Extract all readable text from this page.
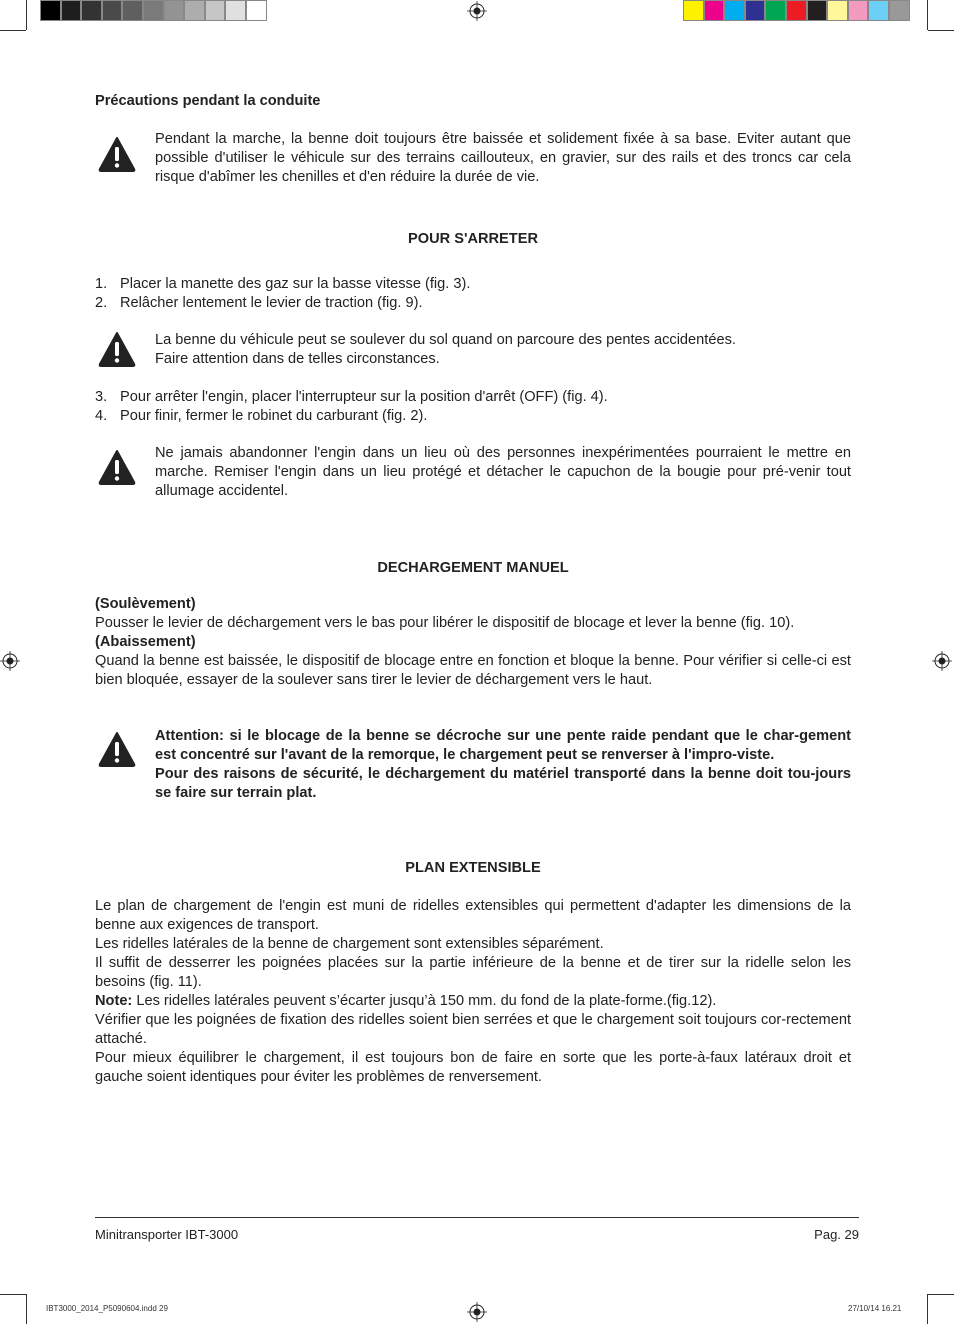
Précautions pendant la conduite
Pendant la marche, la benne doit toujours être baissée et solidement fixée à sa base. Eviter autant que possible d'utiliser le véhicule sur des terrains caillouteux, en gravier, sur des rails et des troncs car cela risque d'abîmer les chenilles et d'en réduire la durée de vie.
POUR S'ARRETER
1. Placer la manette des gaz sur la basse vitesse (fig. 3).
2. Relâcher lentement le levier de traction (fig. 9).
La benne du véhicule peut se soulever du sol quand on parcoure des pentes accidentées.
Faire attention dans de telles circonstances.
3. Pour arrêter l'engin, placer l'interrupteur sur la position d'arrêt (OFF) (fig. 4).
4. Pour finir, fermer le robinet du carburant (fig. 2).
Ne jamais abandonner l'engin dans un lieu où des personnes inexpérimentées pourraient le mettre en marche. Remiser l'engin dans un lieu protégé et détacher le capuchon de la bougie pour pré-venir tout allumage accidentel.
DECHARGEMENT MANUEL
(Soulèvement)

Pousser le levier de déchargement vers le bas pour libérer le dispositif de blocage et lever la benne (fig. 10).

(Abaissement)

Quand la benne est baissée, le dispositif de blocage entre en fonction et bloque la benne. Pour vérifier si celle-ci est bien bloquée, essayer de la soulever sans tirer le levier de déchargement vers le haut.

Attention: si le blocage de la benne se décroche sur une pente raide pendant que le char-gement est concentré sur l'avant de la remorque, le chargement peut se renverser à l'impro-viste.

Pour des raisons de sécurité, le déchargement du matériel transporté dans la benne doit tou-jours se faire sur terrain plat.

PLAN EXTENSIBLE

Le plan de chargement de l'engin est muni de ridelles extensibles qui permettent d'adapter les dimensions de la benne aux exigences de transport.

Les ridelles latérales de la benne de chargement sont extensibles séparément.

Il suffit de desserrer les poignées placées sur la partie inférieure de la benne et de tirer sur la ridelle selon les besoins (fig. 11).

Note: Les ridelles latérales peuvent s’écarter jusqu’à 150 mm. du fond de la plate-forme.(fig.12).

Vérifier que les poignées de fixation des ridelles soient bien serrées et que le chargement soit toujours cor-rectement attaché.

Pour mieux équilibrer le chargement, il est toujours bon de faire en sorte que les porte-à-faux latéraux droit et gauche soient identiques pour éviter les problèmes de renversement.

Minitransporter IBT-3000	Pag. 29
IBT3000_2014_P5090604.indd 29	27/10/14 16.21
